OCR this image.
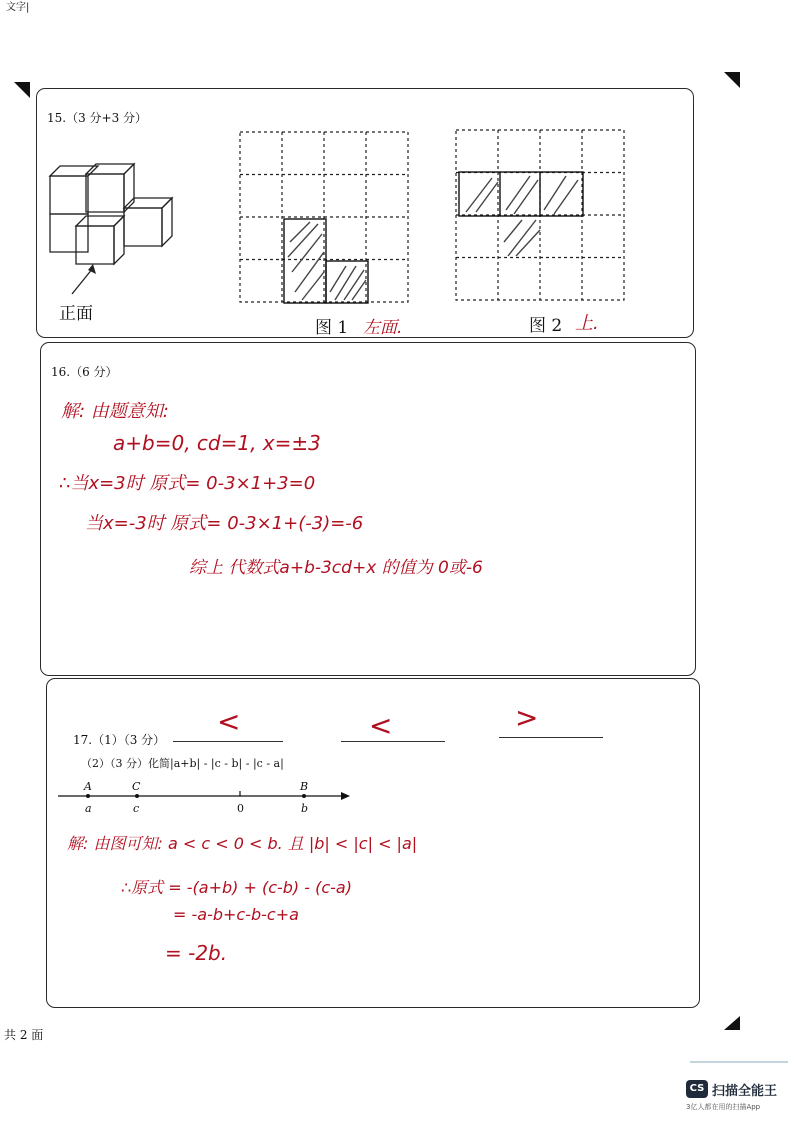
文字|
共 2 面
15.（3 分+3 分）
正面
图 1 左面.	图 2 上.
16.（6 分）
解: 由题意知:
a+b=0, cd=1, x=±3
∴当x=3时 原式= 0-3×1+3=0
当x=-3时 原式= 0-3×1+(-3)=-6
综上 代数式a+b-3cd+x 的值为 0或-6
17.（1）（3 分）
<	<	>
（2）（3 分）化简|a+b| - |c - b| - |c - a|
解: 由图可知: a < c < 0 < b. 且 |b| < |c| < |a|
∴原式 = -(a+b) + (c-b) - (c-a)
= -a-b+c-b-c+a
= -2b.
A	C	B
a	c	0	b
CS 扫描全能王
3亿人都在用的扫描App
